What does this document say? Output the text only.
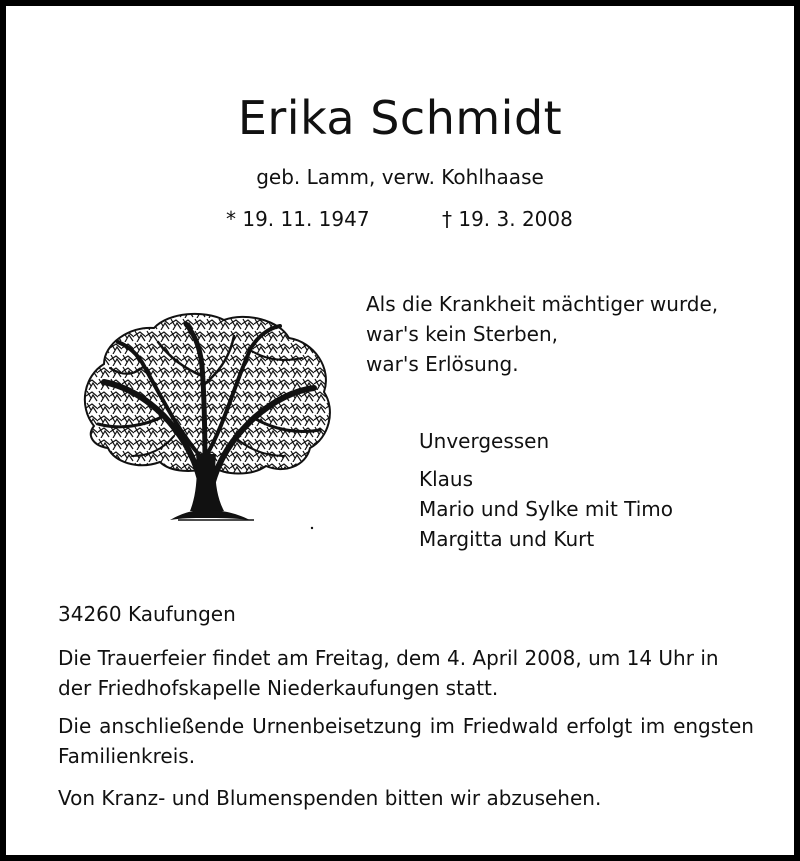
Erika Schmidt
geb. Lamm, verw. Kohlhaase
* 19. 11. 1947	† 19. 3. 2008
Als die Krankheit mächtiger wurde,
war's kein Sterben,
war's Erlösung.
Unvergessen
Klaus
Mario und Sylke mit Timo
Margitta und Kurt
34260 Kaufungen
Die Trauerfeier findet am Freitag, dem 4. April 2008, um 14 Uhr in der Friedhofskapelle Niederkaufungen statt.
Die anschließende Urnenbeisetzung im Friedwald erfolgt im engsten Familienkreis.
Von Kranz- und Blumenspenden bitten wir abzusehen.
